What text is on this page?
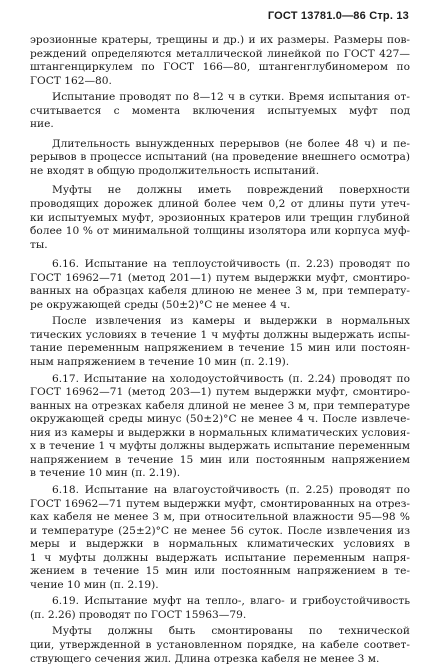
ГОСТ 13781.0—86 Стр. 13
эрозионные кратеры, трещины и др.) и их размеры. Размеры пов-
реждений определяются металлической линейкой по ГОСТ 427—
штангенциркулем по ГОСТ 166—80, штангенглубиномером по
ГОСТ 162—80.
Испытание проводят по 8—12 ч в сутки. Время испытания от-
считывается с момента включения испытуемых муфт под
ние.
Длительность вынужденных перерывов (не более 48 ч) и пе-
рерывов в процессе испытаний (на проведение внешнего осмотра)
не входят в общую продолжительность испытаний.
Муфты не должны иметь повреждений поверхности
проводящих дорожек длиной более чем 0,2 от длины пути утеч-
ки испытуемых муфт, эрозионных кратеров или трещин глубиной
более 10 % от минимальной толщины изолятора или корпуса муф-
ты.
6.16. Испытание на теплоустойчивость (п. 2.23) проводят по
ГОСТ 16962—71 (метод 201—1) путем выдержки муфт, смонтиро-
ванных на образцах кабеля длиною не менее 3 м, при температу-
ре окружающей среды (50±2)°С не менее 4 ч.
После извлечения из камеры и выдержки в нормальных
тических условиях в течение 1 ч муфты должны выдержать испы-
тание переменным напряжением в течение 15 мин или постоян-
ным напряжением в течение 10 мин (п. 2.19).
6.17. Испытание на холодоустойчивость (п. 2.24) проводят по
ГОСТ 16962—71 (метод 203—1) путем выдержки муфт, смонтиро-
ванных на отрезках кабеля длиной не менее 3 м, при температуре
окружающей среды минус (50±2)°С не менее 4 ч. После извлече-
ния из камеры и выдержки в нормальных климатических условия-
х в течение 1 ч муфты должны выдержать испытание переменным
напряжением в течение 15 мин или постоянным напряжением
в течение 10 мин (п. 2.19).
6.18. Испытание на влагоустойчивость (п. 2.25) проводят по
ГОСТ 16962—71 путем выдержки муфт, смонтированных на отрез-
ках кабеля не менее 3 м, при относительной влажности 95—98 %
и температуре (25±2)°С не менее 56 суток. После извлечения из
меры и выдержки в нормальных климатических условиях в
1 ч муфты должны выдержать испытание переменным напря-
жением в течение 15 мин или постоянным напряжением в те-
чение 10 мин (п. 2.19).
6.19. Испытание муфт на тепло-, влаго- и грибоустойчивость
(п. 2.26) проводят по ГОСТ 15963—79.
Муфты должны быть смонтированы по технической
ции, утвержденной в установленном порядке, на кабеле соответ-
ствующего сечения жил. Длина отрезка кабеля не менее 3 м.
